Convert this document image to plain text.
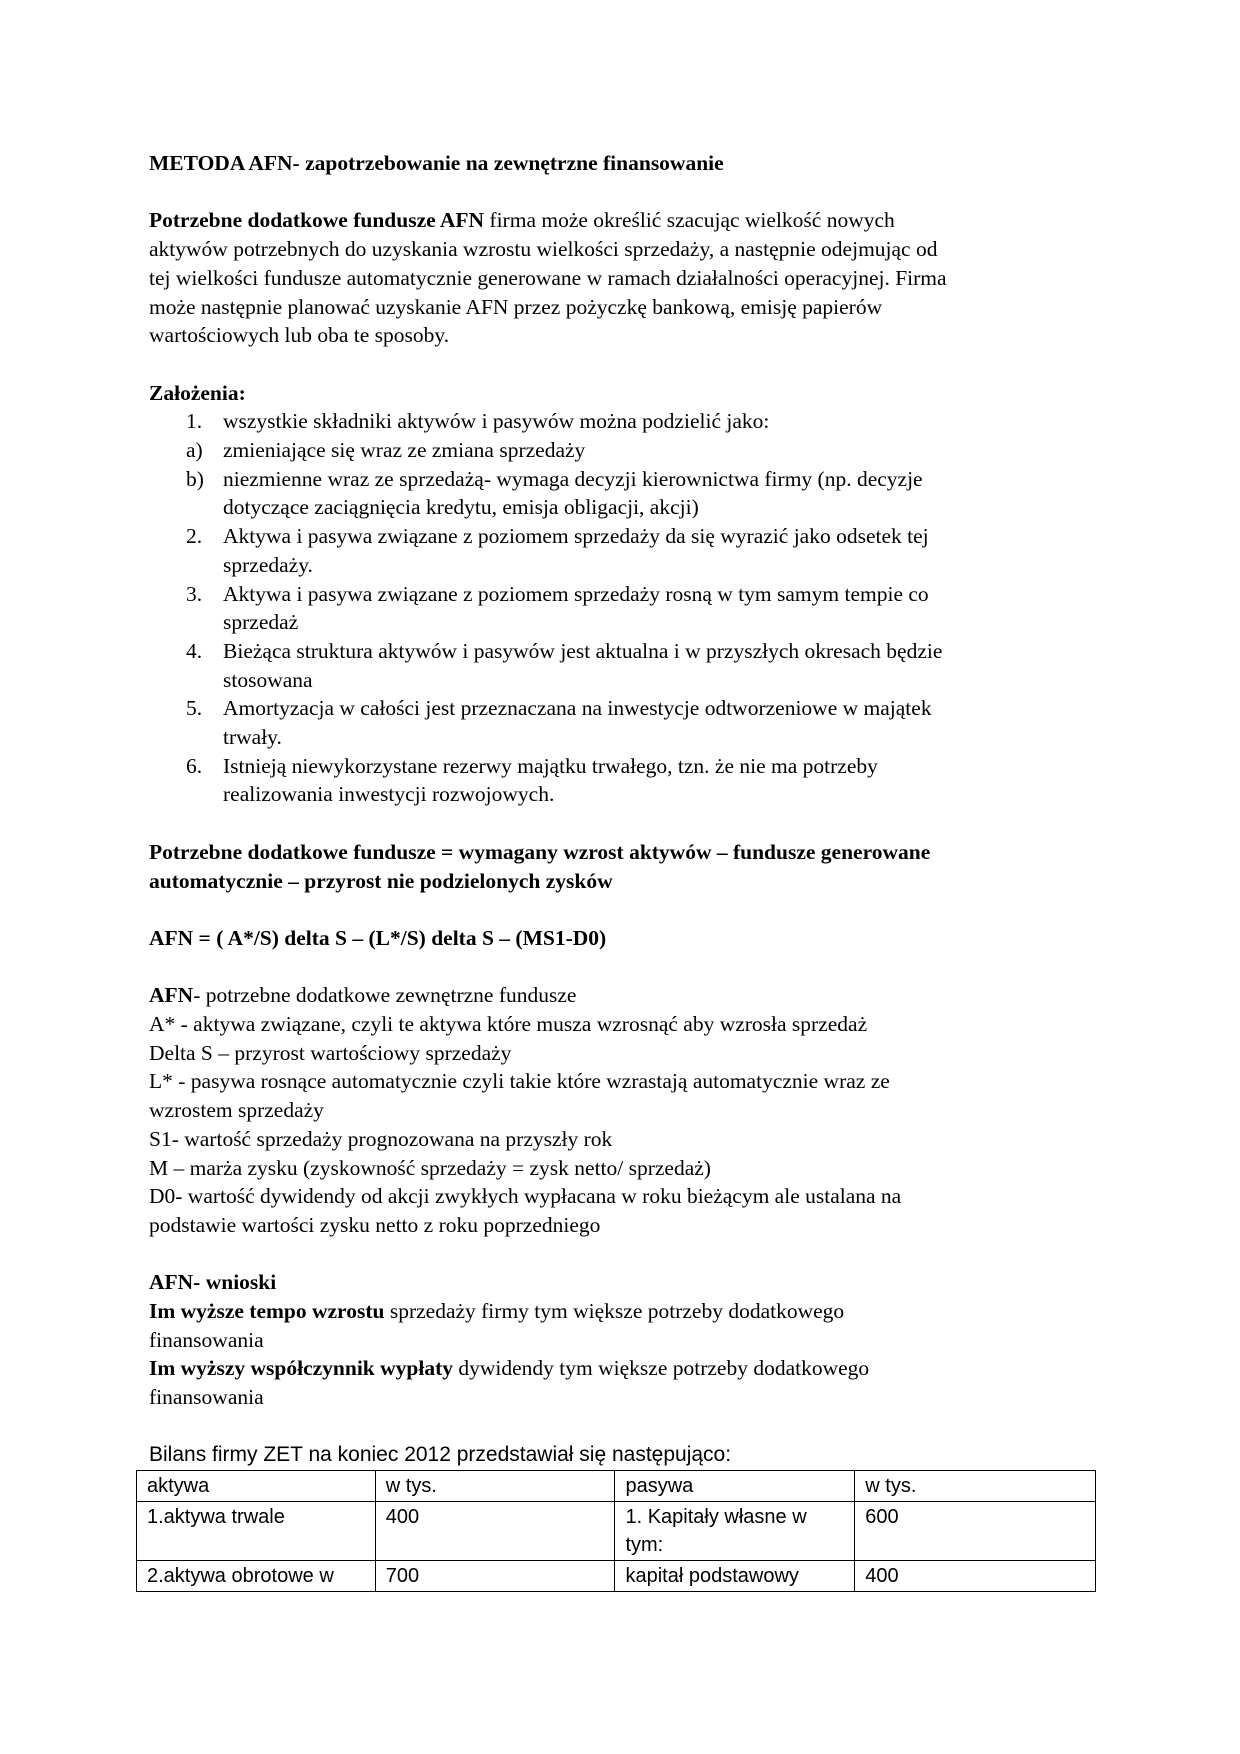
METODA AFN- zapotrzebowanie na zewnętrzne finansowanie
Potrzebne dodatkowe fundusze AFN firma może określić szacując wielkość nowych
aktywów potrzebnych do uzyskania wzrostu wielkości sprzedaży, a następnie odejmując od
tej wielkości fundusze automatycznie generowane w ramach działalności operacyjnej. Firma
może następnie planować uzyskanie AFN przez pożyczkę bankową, emisję papierów
wartościowych lub oba te sposoby.
Założenia:
1. wszystkie składniki aktywów i pasywów można podzielić jako:
a) zmieniające się wraz ze zmiana sprzedaży
b) niezmienne wraz ze sprzedażą- wymaga decyzji kierownictwa firmy (np. decyzje
dotyczące zaciągnięcia kredytu, emisja obligacji, akcji)
2. Aktywa i pasywa związane z poziomem sprzedaży da się wyrazić jako odsetek tej
sprzedaży.
3. Aktywa i pasywa związane z poziomem sprzedaży rosną w tym samym tempie co
sprzedaż
4. Bieżąca struktura aktywów i pasywów jest aktualna i w przyszłych okresach będzie
stosowana
5. Amortyzacja w całości jest przeznaczana na inwestycje odtworzeniowe w majątek
trwały.
6. Istnieją niewykorzystane rezerwy majątku trwałego, tzn. że nie ma potrzeby
realizowania inwestycji rozwojowych.
Potrzebne dodatkowe fundusze = wymagany wzrost aktywów – fundusze generowane
automatycznie – przyrost nie podzielonych zysków
AFN = ( A*/S) delta S – (L*/S) delta S – (MS1-D0)
AFN- potrzebne dodatkowe zewnętrzne fundusze
A* - aktywa związane, czyli te aktywa które musza wzrosnąć aby wzrosła sprzedaż
Delta S – przyrost wartościowy sprzedaży
L* - pasywa rosnące automatycznie czyli takie które wzrastają automatycznie wraz ze
wzrostem sprzedaży
S1- wartość sprzedaży prognozowana na przyszły rok
M – marża zysku (zyskowność sprzedaży = zysk netto/ sprzedaż)
D0- wartość dywidendy od akcji zwykłych wypłacana w roku bieżącym ale ustalana na
podstawie wartości zysku netto z roku poprzedniego
AFN- wnioski
Im wyższe tempo wzrostu sprzedaży firmy tym większe potrzeby dodatkowego
finansowania
Im wyższy współczynnik wypłaty dywidendy tym większe potrzeby dodatkowego
finansowania
Bilans firmy ZET na koniec 2012 przedstawiał się następująco:
aktywa	w tys.	pasywa	w tys.
1.aktywa trwale	400	1. Kapitały własne w tym:	600
2.aktywa obrotowe w	700	kapitał podstawowy	400
